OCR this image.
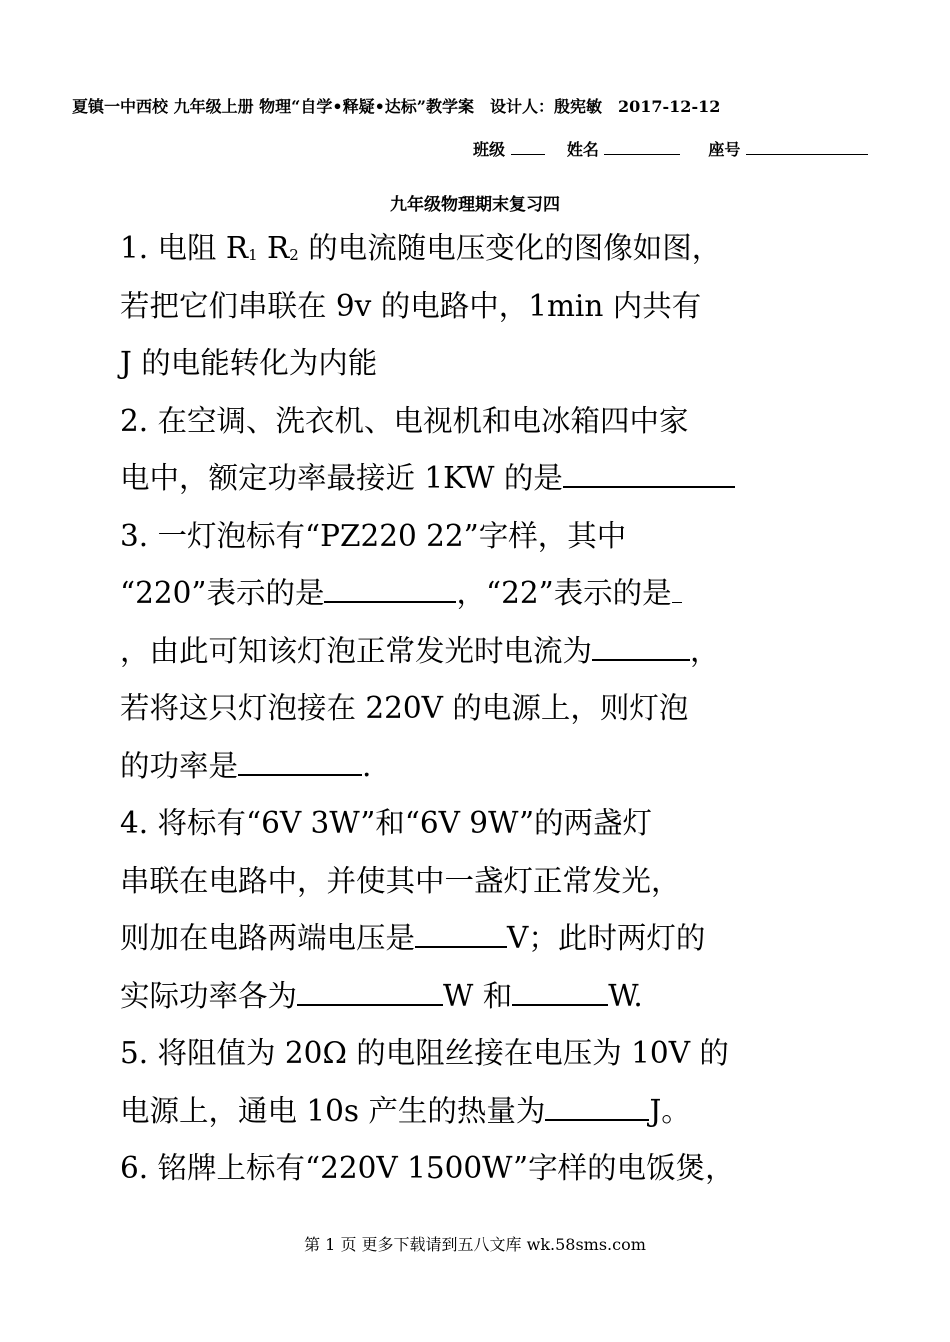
夏镇一中西校 九年级上册 物理“自学•释疑•达标”教学案　设计人：殷宪敏　2017-12-12
班级	姓名	座号
九年级物理期末复习四
1. 电阻 $R_1$ $R_2$ 的电流随电压变化的图像如图，
若把它们串联在 9v 的电路中，1min 内共有
J 的电能转化为内能
2. 在空调、洗衣机、电视机和电冰箱四中家
电中，额定功率最接近 1KW 的是
3. 一灯泡标有“PZ220 22”字样，其中
“220”表示的是	，“22”表示的是
，由此可知该灯泡正常发光时电流为	，
若将这只灯泡接在 220V 的电源上，则灯泡
的功率是	.
4. 将标有“6V 3W”和“6V 9W”的两盏灯
串联在电路中，并使其中一盏灯正常发光，
则加在电路两端电压是	V；此时两灯的
实际功率各为	W 和	W.
5. 将阻值为 20Ω 的电阻丝接在电压为 10V 的
电源上，通电 10s 产生的热量为	J。
6. 铭牌上标有“220V 1500W”字样的电饭煲，
第 1 页 更多下载请到五八文库 wk.58sms.com
